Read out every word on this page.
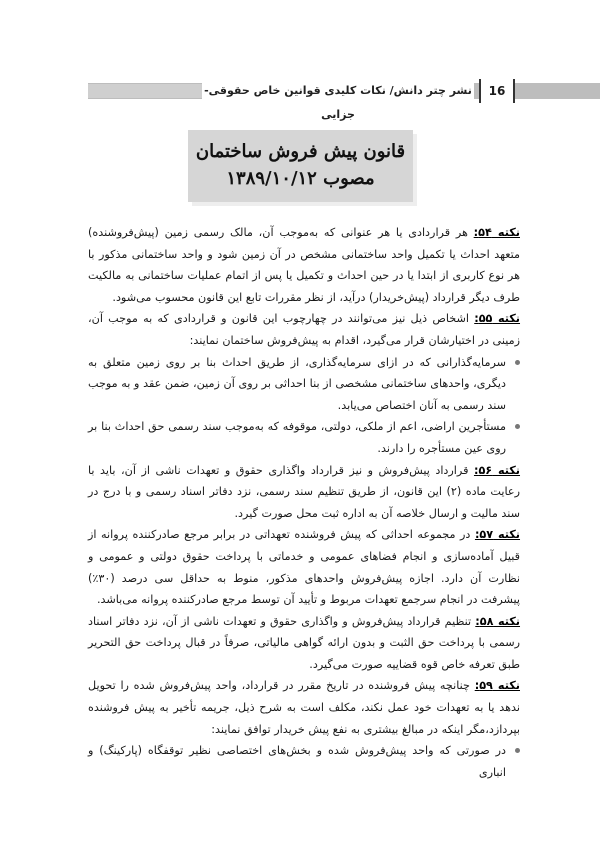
نشر چتر دانش/ نکات کلیدی قوانین خاص حقوقی-جزایی
16
قانون پیش فروش ساختمان
مصوب ۱۳۸۹/۱۰/۱۲
نکته ۵۴: هر قراردادی یا هر عنوانی که به‌موجب آن، مالک رسمی زمین (پیش‌فروشنده) متعهد احداث یا تکمیل واحد ساختمانی مشخص در آن زمین شود و واحد ساختمانی مذکور با هر نوع کاربری از ابتدا یا در حین احداث و تکمیل یا پس از اتمام عملیات ساختمانی به مالکیت طرف دیگر قرارداد (پیش‌خریدار) درآید، از نظر مقررات تابع این قانون محسوب می‌شود.
نکته ۵۵: اشخاص ذیل نیز می‌توانند در چهارچوب این قانون و قراردادی که به موجب آن، زمینی در اختیارشان قرار می‌گیرد، اقدام به پیش‌فروش ساختمان نمایند:
سرمایه‌گذارانی که در ازای سرمایه‌گذاری، از طریق احداث بنا بر روی زمین متعلق به دیگری، واحدهای ساختمانی مشخصی از بنا احداثی بر روی آن زمین، ضمن عقد و به موجب سند رسمی به آنان اختصاص می‌یابد.
مستأجرین اراضی، اعم از ملکی، دولتی، موقوفه که به‌موجب سند رسمی حق احداث بنا بر روی عین مستأجره را دارند.
نکته ۵۶: قرارداد پیش‌فروش و نیز قرارداد واگذاری حقوق و تعهدات ناشی از آن، باید با رعایت ماده (۲) این قانون، از طریق تنظیم سند رسمی، نزد دفاتر اسناد رسمی و با درج در سند مالیت و ارسال خلاصه آن به اداره ثبت محل صورت گیرد.
نکته ۵۷: در مجموعه احداثی که پیش فروشنده تعهداتی در برابر مرجع صادرکننده پروانه از قبیل آماده‌سازی و انجام فضاهای عمومی و خدماتی با پرداخت حقوق دولتی و عمومی و نظارت آن دارد. اجازه پیش‌فروش واحدهای مذکور، منوط به حداقل سی درصد (۳۰٪) پیشرفت در انجام سرجمع تعهدات مربوط و تأیید آن توسط مرجع صادرکننده پروانه می‌باشد.
نکته ۵۸: تنظیم قرارداد پیش‌فروش و واگذاری حقوق و تعهدات ناشی از آن، نزد دفاتر اسناد رسمی با پرداخت حق الثبت و بدون ارائه گواهی مالیاتی، صرفاً در قبال پرداخت حق التحریر طبق تعرفه خاص قوه قضاییه صورت می‌گیرد.
نکته ۵۹: چنانچه پیش فروشنده در تاریخ مقرر در قرارداد، واحد پیش‌فروش شده را تحویل ندهد یا به تعهدات خود عمل نکند، مکلف است به شرح ذیل، جریمه تأخیر به پیش فروشنده بپردازد،مگر اینکه در مبالغ بیشتری به نفع پیش خریدار توافق نمایند:
در صورتی که واحد پیش‌فروش شده و بخش‌های اختصاصی نظیر توقفگاه (پارکینگ) و انباری
